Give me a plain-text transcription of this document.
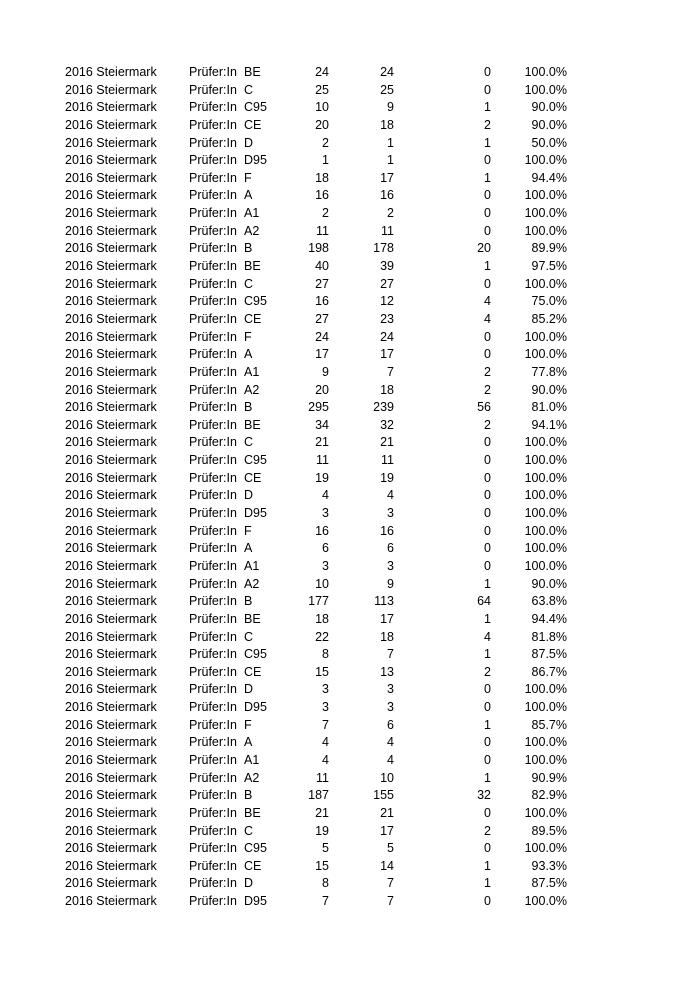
2016 Steiermark	Prüfer:In BE	24	24	0	100.0%
2016 Steiermark	Prüfer:In C	25	25	0	100.0%
2016 Steiermark	Prüfer:In C95	10	9	1	90.0%
2016 Steiermark	Prüfer:In CE	20	18	2	90.0%
2016 Steiermark	Prüfer:In D	2	1	1	50.0%
2016 Steiermark	Prüfer:In D95	1	1	0	100.0%
2016 Steiermark	Prüfer:In F	18	17	1	94.4%
2016 Steiermark	Prüfer:In A	16	16	0	100.0%
2016 Steiermark	Prüfer:In A1	2	2	0	100.0%
2016 Steiermark	Prüfer:In A2	11	11	0	100.0%
2016 Steiermark	Prüfer:In B	198	178	20	89.9%
2016 Steiermark	Prüfer:In BE	40	39	1	97.5%
2016 Steiermark	Prüfer:In C	27	27	0	100.0%
2016 Steiermark	Prüfer:In C95	16	12	4	75.0%
2016 Steiermark	Prüfer:In CE	27	23	4	85.2%
2016 Steiermark	Prüfer:In F	24	24	0	100.0%
2016 Steiermark	Prüfer:In A	17	17	0	100.0%
2016 Steiermark	Prüfer:In A1	9	7	2	77.8%
2016 Steiermark	Prüfer:In A2	20	18	2	90.0%
2016 Steiermark	Prüfer:In B	295	239	56	81.0%
2016 Steiermark	Prüfer:In BE	34	32	2	94.1%
2016 Steiermark	Prüfer:In C	21	21	0	100.0%
2016 Steiermark	Prüfer:In C95	11	11	0	100.0%
2016 Steiermark	Prüfer:In CE	19	19	0	100.0%
2016 Steiermark	Prüfer:In D	4	4	0	100.0%
2016 Steiermark	Prüfer:In D95	3	3	0	100.0%
2016 Steiermark	Prüfer:In F	16	16	0	100.0%
2016 Steiermark	Prüfer:In A	6	6	0	100.0%
2016 Steiermark	Prüfer:In A1	3	3	0	100.0%
2016 Steiermark	Prüfer:In A2	10	9	1	90.0%
2016 Steiermark	Prüfer:In B	177	113	64	63.8%
2016 Steiermark	Prüfer:In BE	18	17	1	94.4%
2016 Steiermark	Prüfer:In C	22	18	4	81.8%
2016 Steiermark	Prüfer:In C95	8	7	1	87.5%
2016 Steiermark	Prüfer:In CE	15	13	2	86.7%
2016 Steiermark	Prüfer:In D	3	3	0	100.0%
2016 Steiermark	Prüfer:In D95	3	3	0	100.0%
2016 Steiermark	Prüfer:In F	7	6	1	85.7%
2016 Steiermark	Prüfer:In A	4	4	0	100.0%
2016 Steiermark	Prüfer:In A1	4	4	0	100.0%
2016 Steiermark	Prüfer:In A2	11	10	1	90.9%
2016 Steiermark	Prüfer:In B	187	155	32	82.9%
2016 Steiermark	Prüfer:In BE	21	21	0	100.0%
2016 Steiermark	Prüfer:In C	19	17	2	89.5%
2016 Steiermark	Prüfer:In C95	5	5	0	100.0%
2016 Steiermark	Prüfer:In CE	15	14	1	93.3%
2016 Steiermark	Prüfer:In D	8	7	1	87.5%
2016 Steiermark	Prüfer:In D95	7	7	0	100.0%
